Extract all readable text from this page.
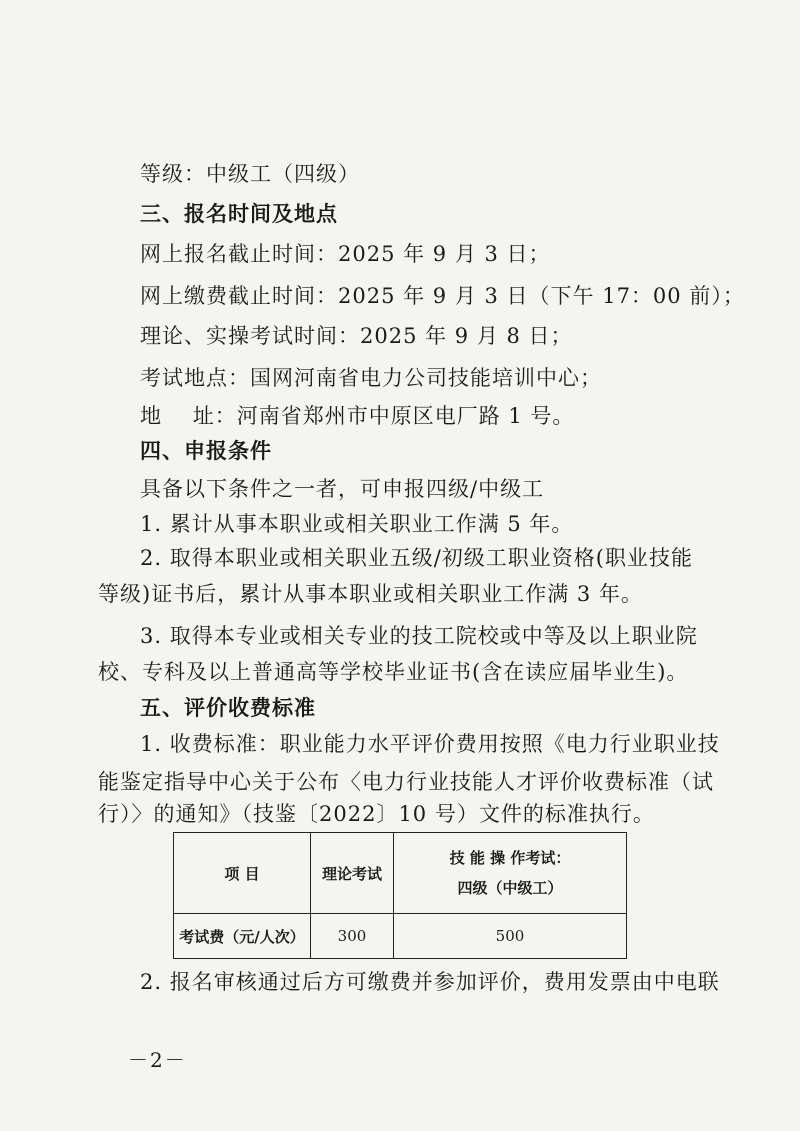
等级：中级工（四级）
三、报名时间及地点
网上报名截止时间：2025 年 9 月 3 日；
网上缴费截止时间：2025 年 9 月 3 日（下午 17：00 前）；
理论、实操考试时间：2025 年 9 月 8 日；
考试地点：国网河南省电力公司技能培训中心；
地    址：河南省郑州市中原区电厂路 1 号。
四、申报条件
具备以下条件之一者，可申报四级/中级工
1. 累计从事本职业或相关职业工作满 5 年。
2. 取得本职业或相关职业五级/初级工职业资格(职业技能
等级)证书后，累计从事本职业或相关职业工作满 3 年。
3. 取得本专业或相关专业的技工院校或中等及以上职业院
校、专科及以上普通高等学校毕业证书(含在读应届毕业生)。
五、评价收费标准
1. 收费标准：职业能力水平评价费用按照《电力行业职业技
能鉴定指导中心关于公布〈电力行业技能人才评价收费标准（试
行）〉的通知》（技鉴〔2022〕10 号）文件的标准执行。
项 目	理论考试	技 能 操 作考试：
四级（中级工）

考试费（元/人次）	300	500
2. 报名审核通过后方可缴费并参加评价，费用发票由中电联
－2－
